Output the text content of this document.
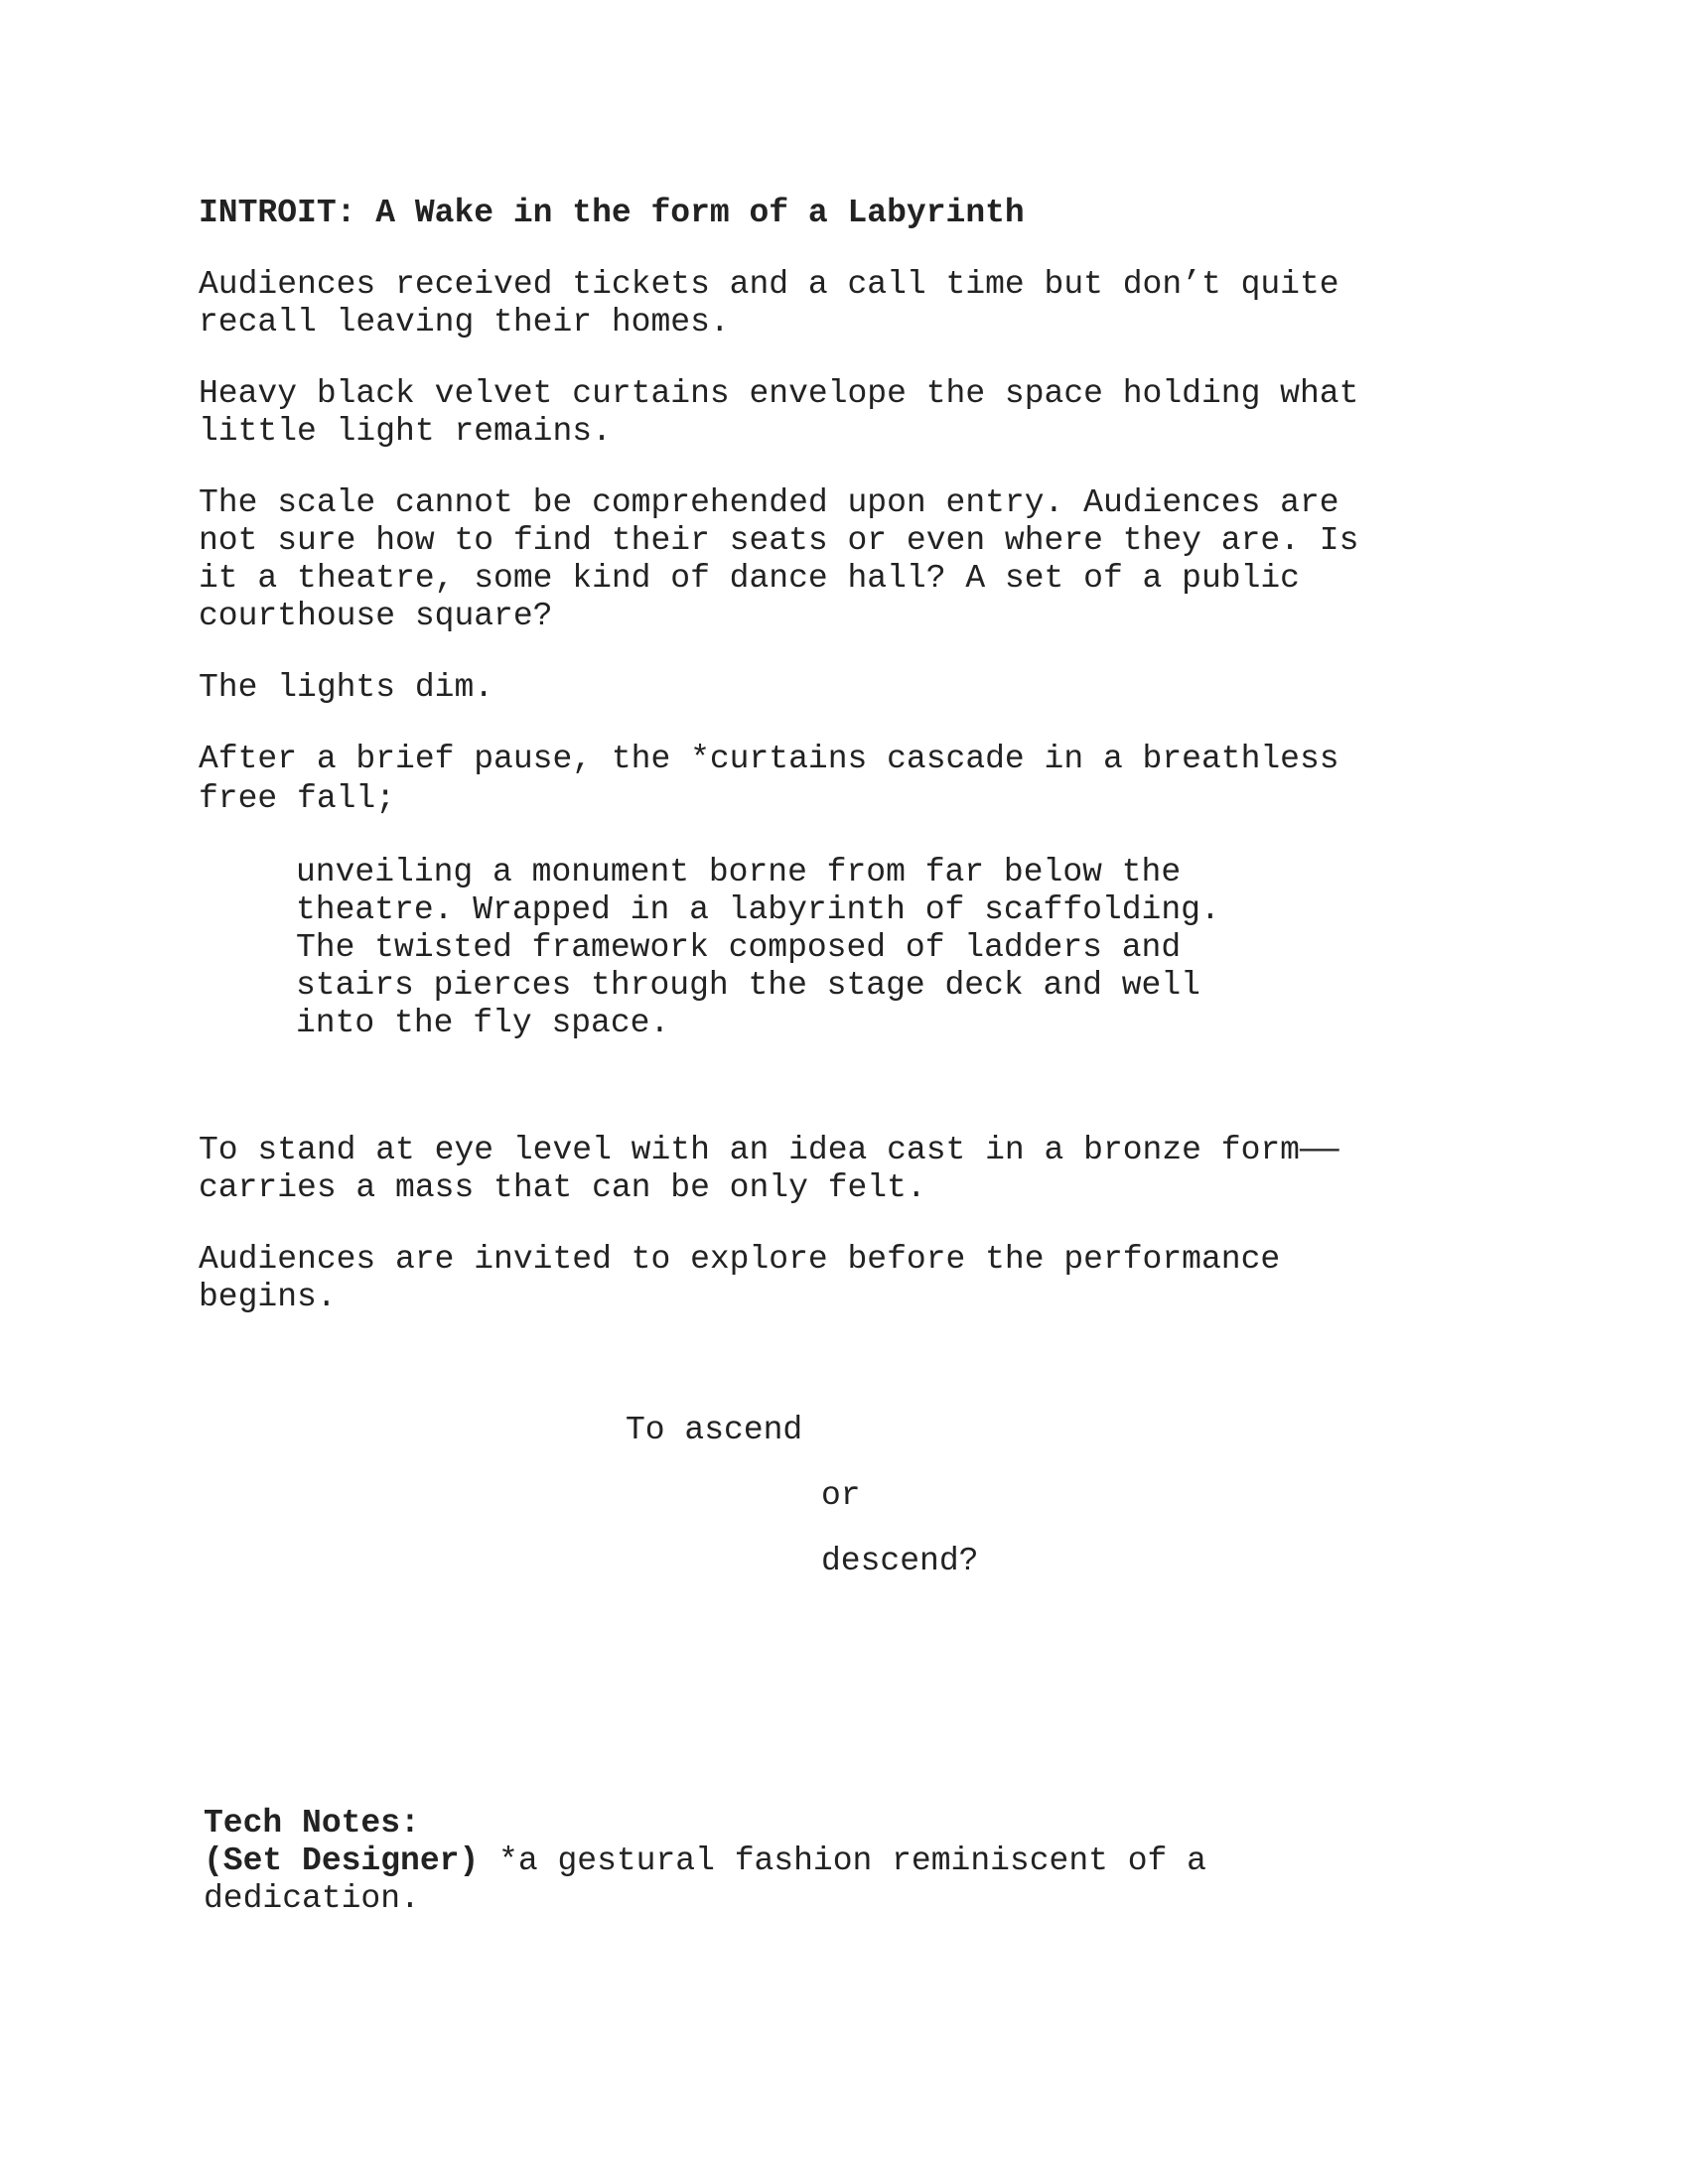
INTROIT: A Wake in the form of a Labyrinth

Audiences received tickets and a call time but don’t quite

recall leaving their homes.

Heavy black velvet curtains envelope the space holding what

little light remains.

The scale cannot be comprehended upon entry. Audiences are

not sure how to find their seats or even where they are. Is

it a theatre, some kind of dance hall? A set of a public

courthouse square?

The lights dim.

After a brief pause, the *curtains cascade in a breathless

free fall;

unveiling a monument borne from far below the

theatre. Wrapped in a labyrinth of scaffolding.

The twisted framework composed of ladders and

stairs pierces through the stage deck and well

into the fly space.

To stand at eye level with an idea cast in a bronze form——

carries a mass that can be only felt.

Audiences are invited to explore before the performance

begins.

To ascend

or

descend?

Tech Notes:

(Set Designer) *a gestural fashion reminiscent of a

dedication.
